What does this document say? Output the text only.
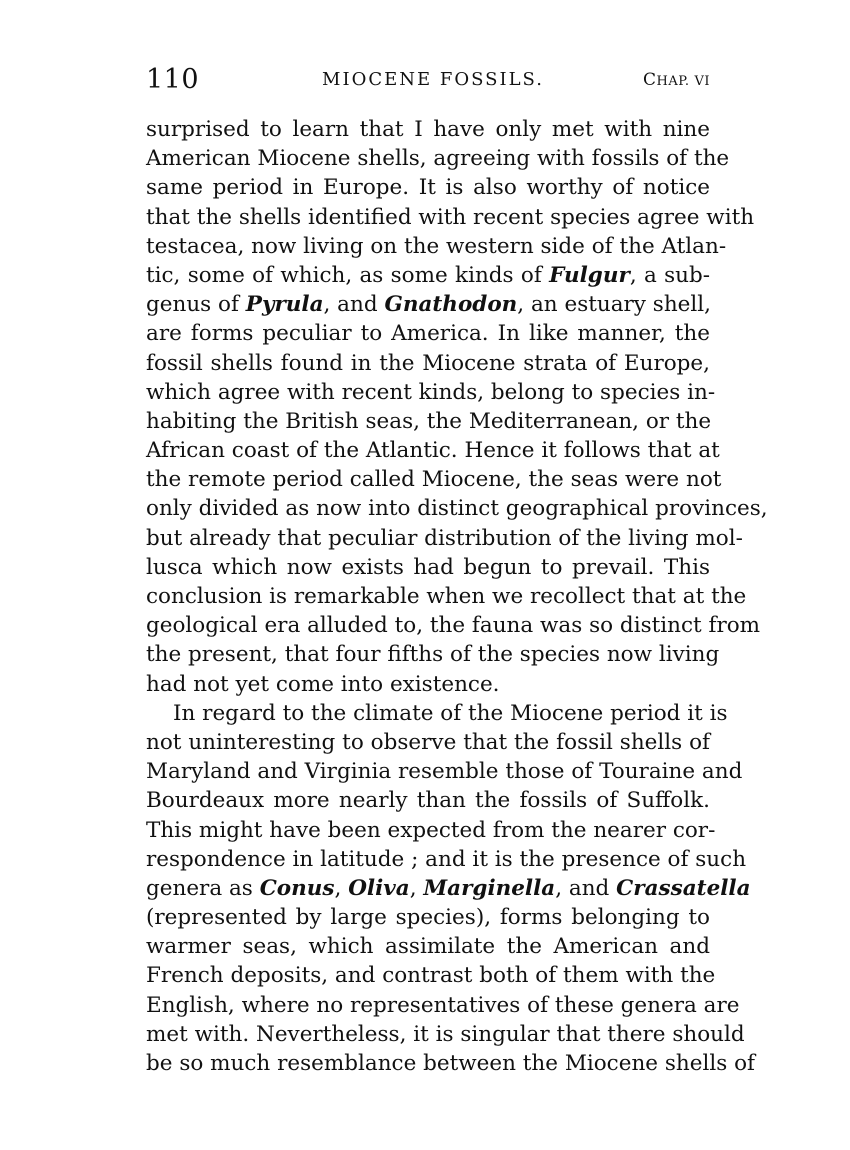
110	MIOCENE FOSSILS.	CHAP. VI
surprised to learn that I have only met with nine
American Miocene shells, agreeing with fossils of the
same period in Europe. It is also worthy of notice
that the shells identified with recent species agree with
testacea, now living on the western side of the Atlan-
tic, some of which, as some kinds of Fulgur, a sub-
genus of Pyrula, and Gnathodon, an estuary shell,
are forms peculiar to America. In like manner, the
fossil shells found in the Miocene strata of Europe,
which agree with recent kinds, belong to species in-
habiting the British seas, the Mediterranean, or the
African coast of the Atlantic. Hence it follows that at
the remote period called Miocene, the seas were not
only divided as now into distinct geographical provinces,
but already that peculiar distribution of the living mol-
lusca which now exists had begun to prevail. This
conclusion is remarkable when we recollect that at the
geological era alluded to, the fauna was so distinct from
the present, that four fifths of the species now living
had not yet come into existence.
In regard to the climate of the Miocene period it is
not uninteresting to observe that the fossil shells of
Maryland and Virginia resemble those of Touraine and
Bourdeaux more nearly than the fossils of Suffolk.
This might have been expected from the nearer cor-
respondence in latitude ; and it is the presence of such
genera as Conus, Oliva, Marginella, and Crassatella
(represented by large species), forms belonging to
warmer seas, which assimilate the American and
French deposits, and contrast both of them with the
English, where no representatives of these genera are
met with. Nevertheless, it is singular that there should
be so much resemblance between the Miocene shells of
